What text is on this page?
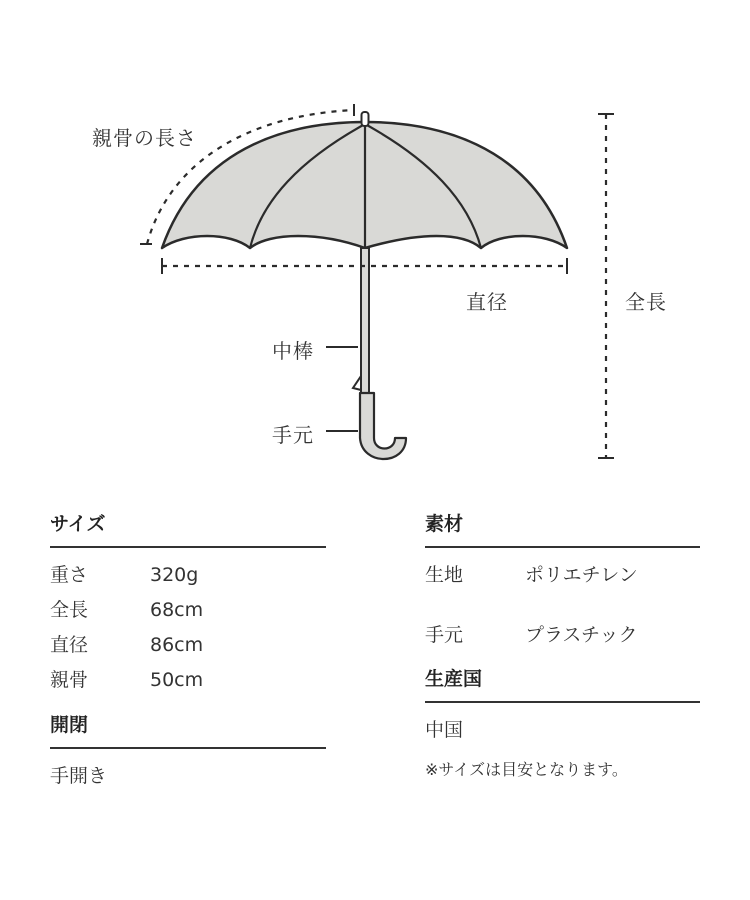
親骨の長さ
直径	全長
中棒
手元
サイズ
重さ	320g
全長	68cm
直径	86cm
親骨	50cm
開閉
手開き
素材
生地	ポリエチレン
手元	プラスチック
生産国
中国
※サイズは目安となります。
